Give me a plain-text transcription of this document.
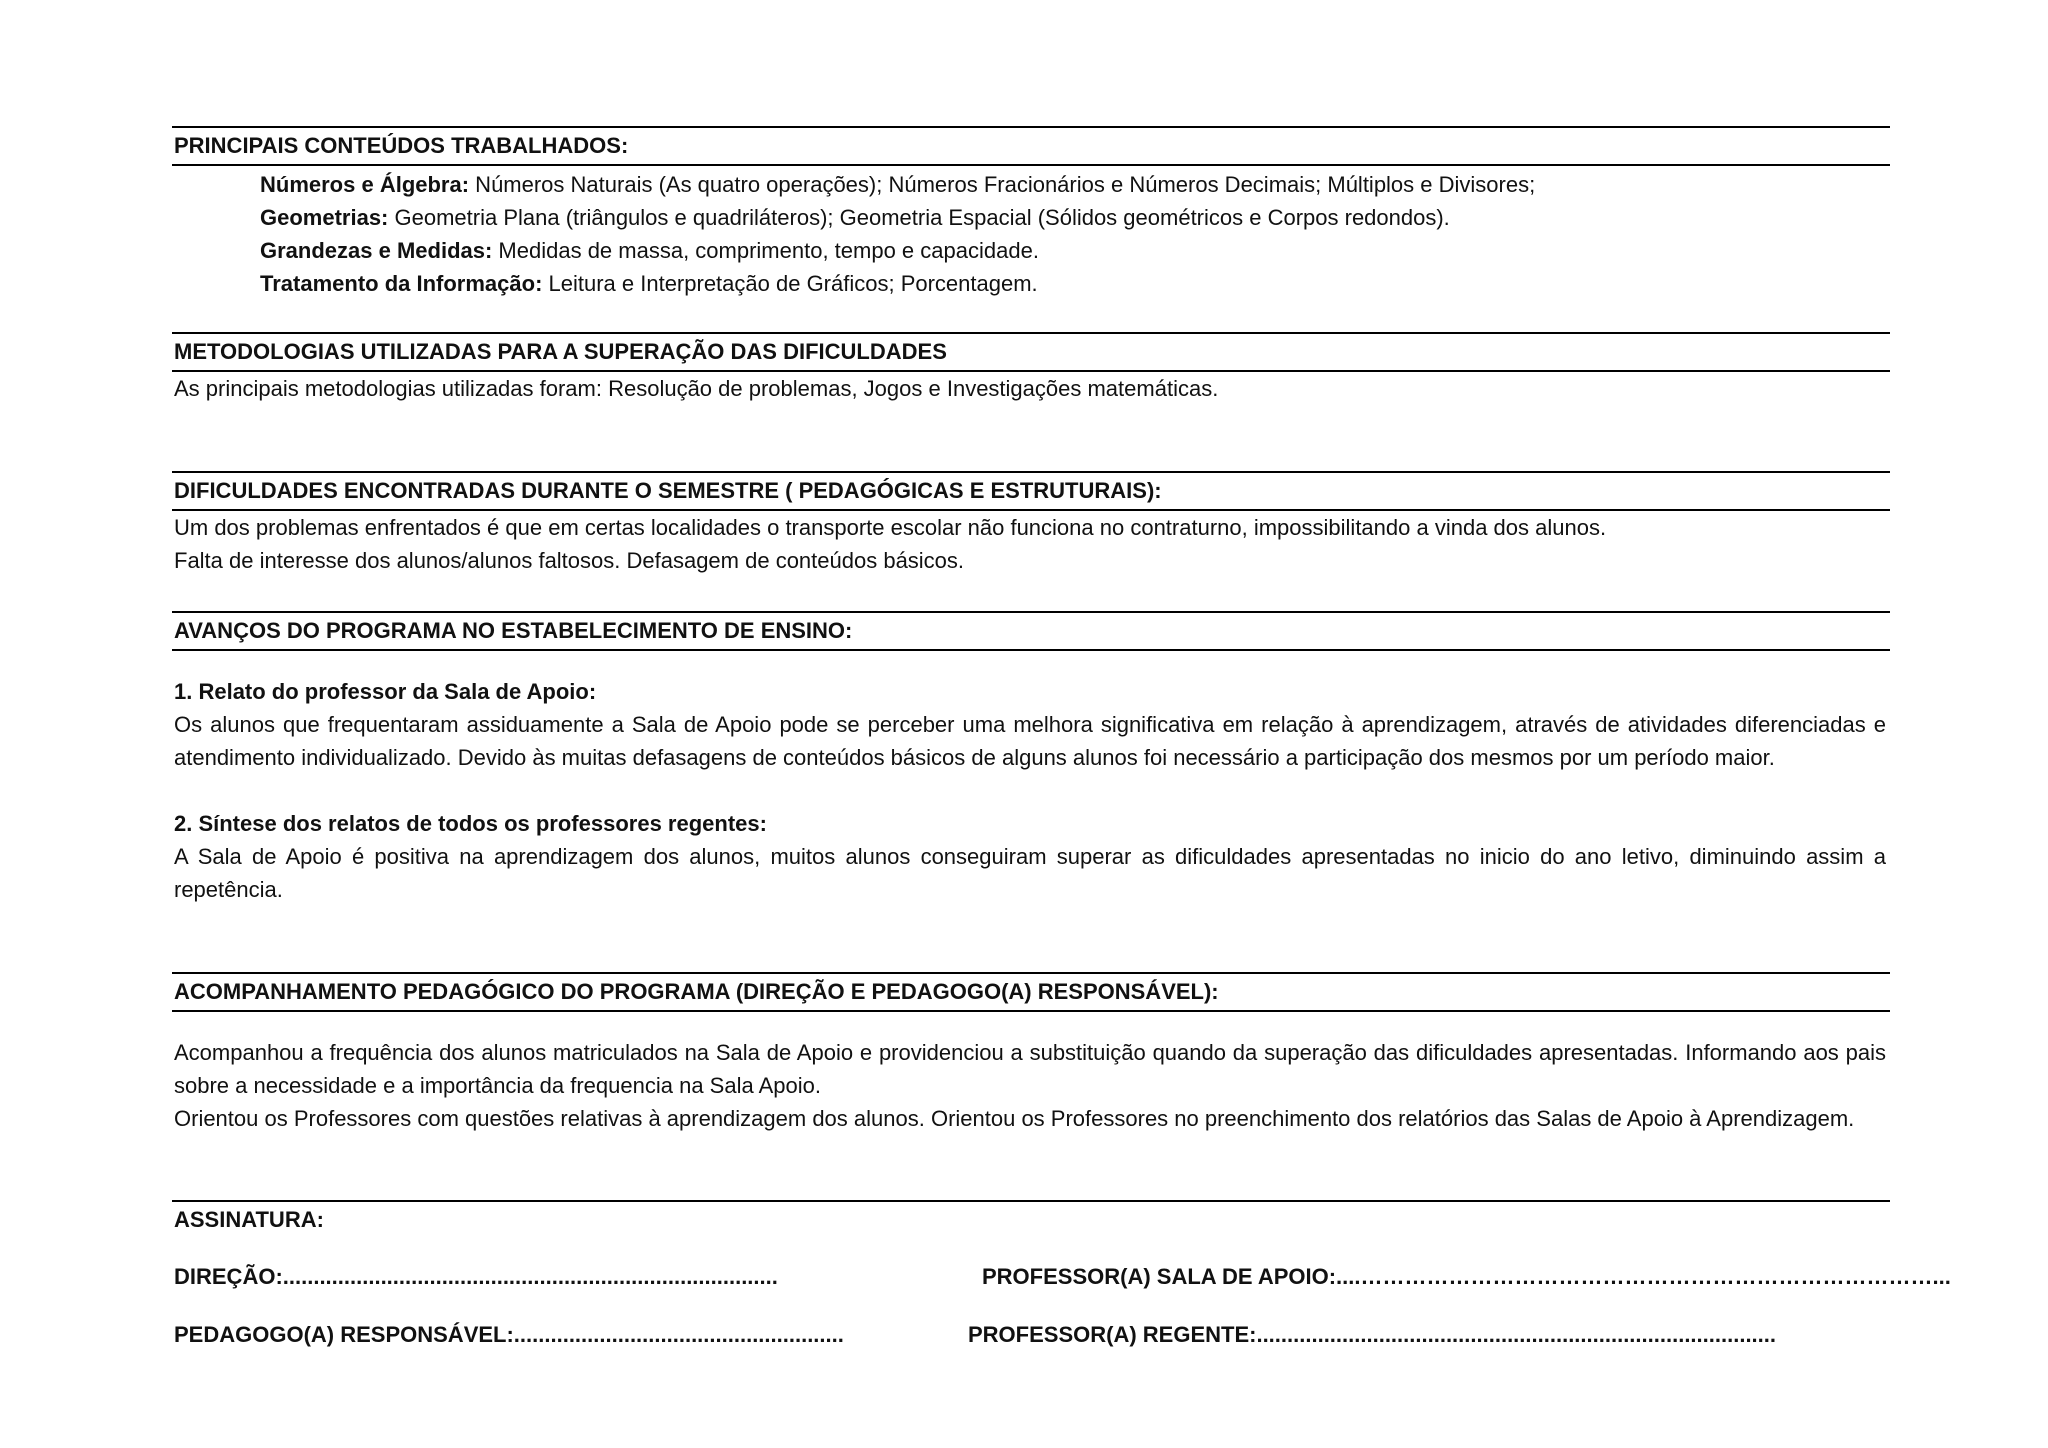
PRINCIPAIS CONTEÚDOS TRABALHADOS:
Números e Álgebra: Números Naturais (As quatro operações); Números Fracionários e Números Decimais; Múltiplos e Divisores;
Geometrias: Geometria Plana (triângulos e quadriláteros); Geometria Espacial (Sólidos geométricos e Corpos redondos).
Grandezas e Medidas: Medidas de massa, comprimento, tempo e capacidade.
Tratamento da Informação: Leitura e Interpretação de Gráficos; Porcentagem.
METODOLOGIAS UTILIZADAS PARA A SUPERAÇÃO DAS DIFICULDADES
As principais metodologias utilizadas foram: Resolução de problemas, Jogos e Investigações matemáticas.
DIFICULDADES ENCONTRADAS DURANTE O SEMESTRE ( PEDAGÓGICAS E ESTRUTURAIS):
Um dos problemas enfrentados é que em certas localidades o transporte escolar não funciona no contraturno, impossibilitando a vinda dos alunos.
Falta de interesse dos alunos/alunos faltosos. Defasagem de conteúdos básicos.
AVANÇOS DO PROGRAMA NO ESTABELECIMENTO DE ENSINO:
1. Relato do professor da Sala de Apoio:
Os alunos que frequentaram assiduamente a Sala de Apoio pode se perceber uma melhora significativa em relação à aprendizagem, através de atividades diferenciadas e atendimento individualizado. Devido às muitas defasagens de conteúdos básicos de alguns alunos foi necessário a participação dos mesmos por um período maior.
2. Síntese dos relatos de todos os professores regentes:
A Sala de Apoio é positiva na aprendizagem dos alunos, muitos alunos conseguiram superar as dificuldades apresentadas no inicio do ano letivo, diminuindo assim a repetência.
ACOMPANHAMENTO PEDAGÓGICO DO PROGRAMA (DIREÇÃO E PEDAGOGO(A) RESPONSÁVEL):
Acompanhou a frequência dos alunos matriculados na Sala de Apoio e providenciou a substituição quando da superação das dificuldades apresentadas. Informando aos pais sobre a necessidade e a importância da frequencia na Sala Apoio.
Orientou os Professores com questões relativas à aprendizagem dos alunos. Orientou os Professores no preenchimento dos relatórios das Salas de Apoio à Aprendizagem.
ASSINATURA:
DIREÇÃO:.................................................................................	PROFESSOR(A) SALA DE APOIO:....……………………………………………………………………...
PEDAGOGO(A) RESPONSÁVEL:......................................................	PROFESSOR(A) REGENTE:.....................................................................................
